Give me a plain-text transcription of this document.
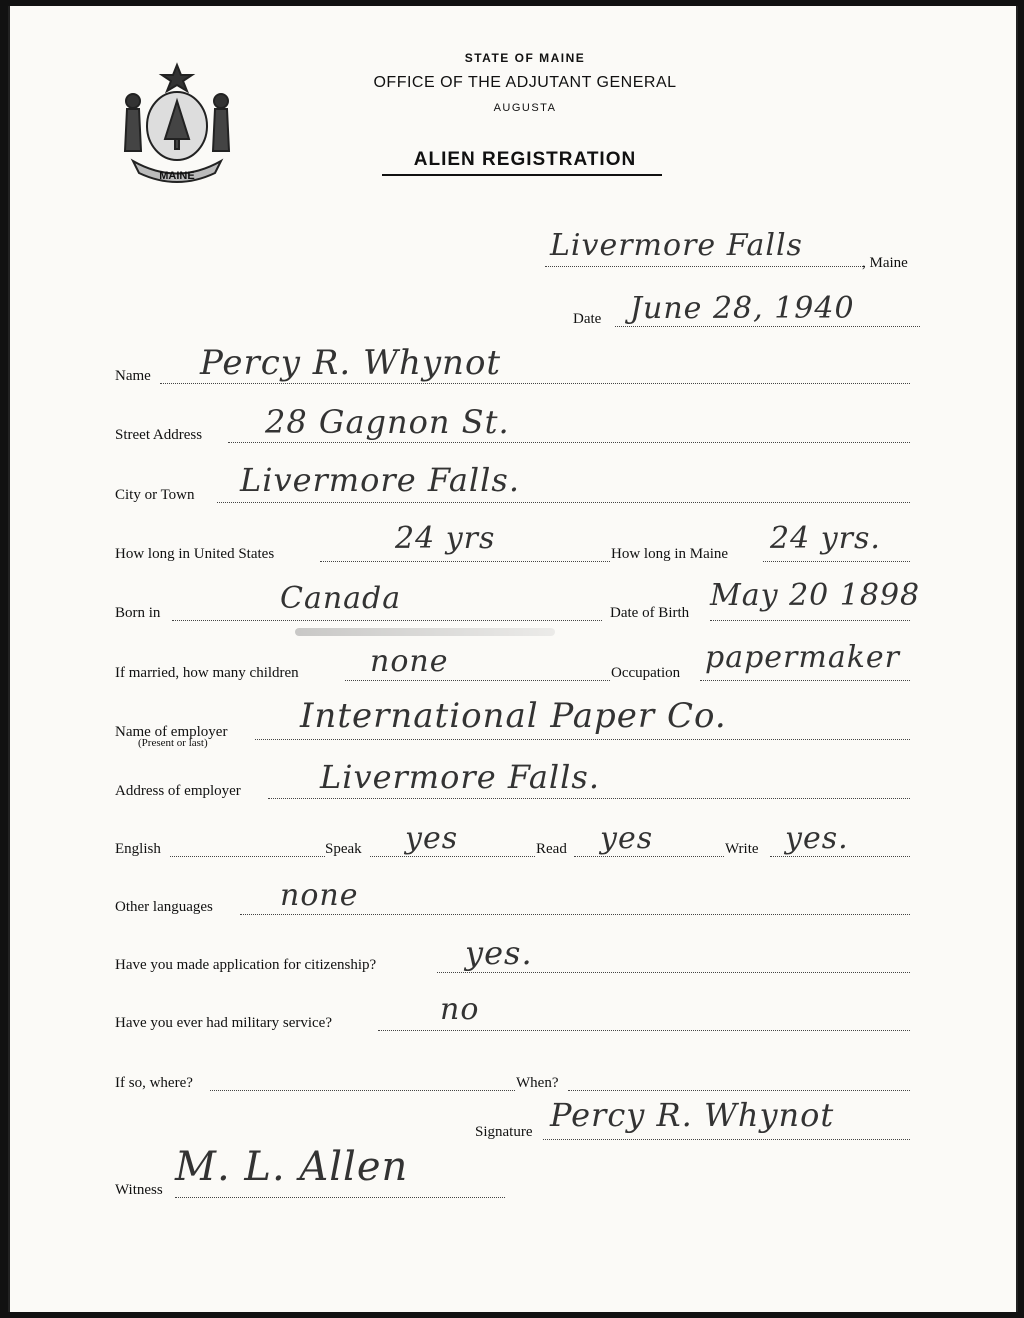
MAINE
STATE OF MAINE
OFFICE OF THE ADJUTANT GENERAL
AUGUSTA
ALIEN REGISTRATION
Livermore Falls	, Maine
Date June 28, 1940
Name Percy R. Whynot
Street Address 28 Gagnon St.
City or Town Livermore Falls.
How long in United States	24 yrs	How long in Maine 24 yrs.
Born in	Canada	Date of Birth May 20 1898
If married, how many children none	Occupation papermaker
Name of employer
(Present or last)
International Paper Co.
Address of employer Livermore Falls.
English	Speak yes	Read yes	Write yes.
Other languages none
Have you made application for citizenship?	yes.
Have you ever had military service?	no
If so, where?	When?
Signature Percy R. Whynot
Witness M. L. Allen
